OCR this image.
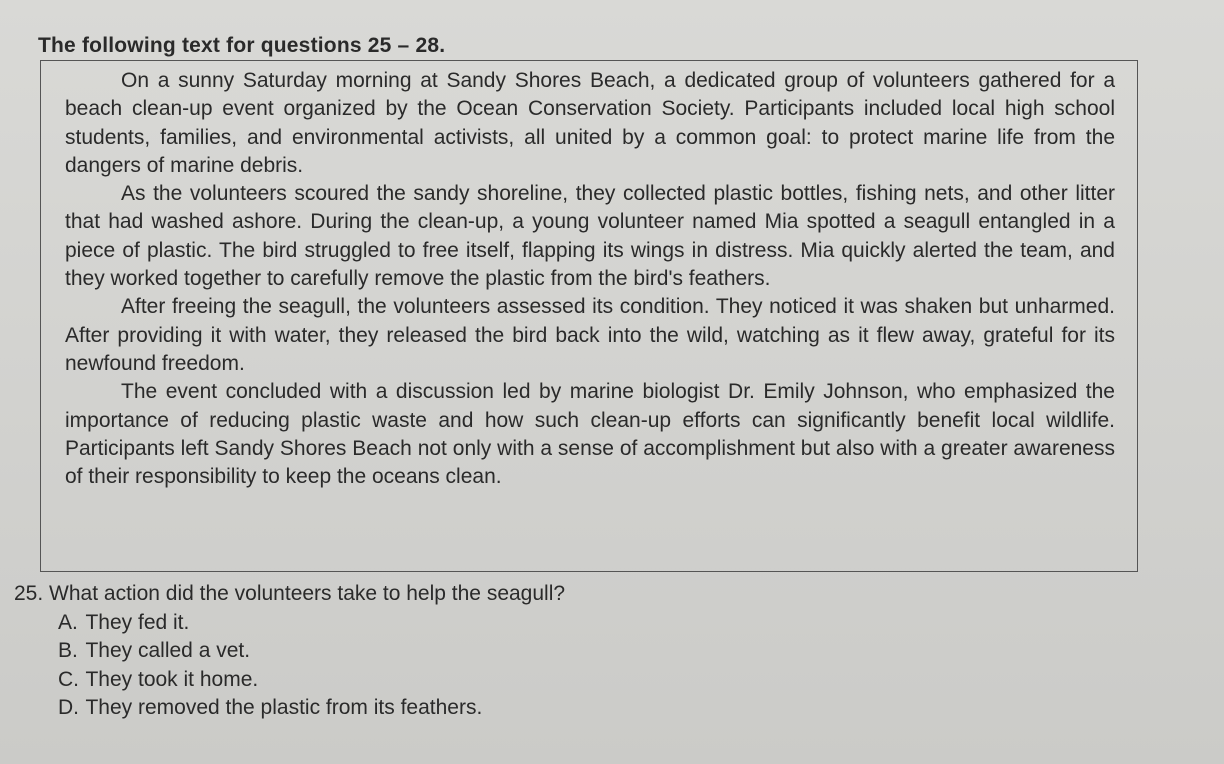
The following text for questions 25 – 28.

On a sunny Saturday morning at Sandy Shores Beach, a dedicated group of volunteers gathered for a beach clean-up event organized by the Ocean Conservation Society. Participants included local high school students, families, and environmental activists, all united by a common goal: to protect marine life from the dangers of marine debris.

As the volunteers scoured the sandy shoreline, they collected plastic bottles, fishing nets, and other litter that had washed ashore. During the clean-up, a young volunteer named Mia spotted a seagull entangled in a piece of plastic. The bird struggled to free itself, flapping its wings in distress. Mia quickly alerted the team, and they worked together to carefully remove the plastic from the bird's feathers.

After freeing the seagull, the volunteers assessed its condition. They noticed it was shaken but unharmed. After providing it with water, they released the bird back into the wild, watching as it flew away, grateful for its newfound freedom.

The event concluded with a discussion led by marine biologist Dr. Emily Johnson, who emphasized the importance of reducing plastic waste and how such clean-up efforts can significantly benefit local wildlife. Participants left Sandy Shores Beach not only with a sense of accomplishment but also with a greater awareness of their responsibility to keep the oceans clean.

25. What action did the volunteers take to help the seagull?

A. They fed it.
B. They called a vet.
C. They took it home.
D. They removed the plastic from its feathers.
